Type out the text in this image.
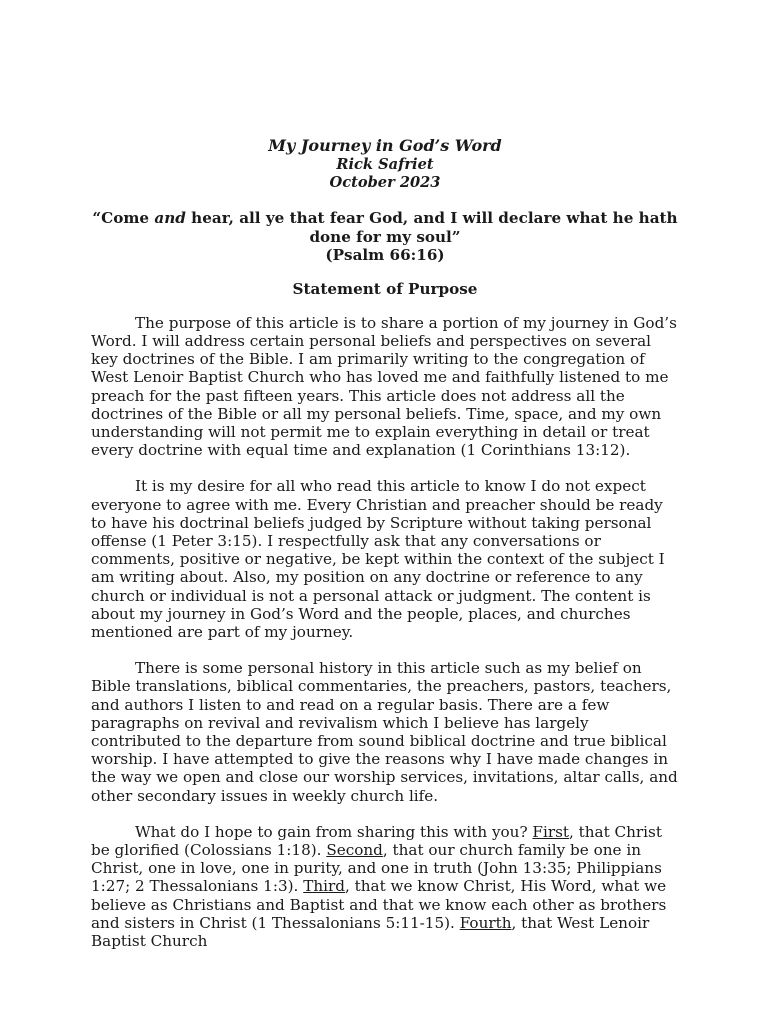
My Journey in God’s Word
Rick Safriet
October 2023
“Come and hear, all ye that fear God, and I will declare what he hath done for my soul”
(Psalm 66:16)
Statement of Purpose

The purpose of this article is to share a portion of my journey in God’s Word. I will address certain personal beliefs and perspectives on several key doctrines of the Bible. I am primarily writing to the congregation of West Lenoir Baptist Church who has loved me and faithfully listened to me preach for the past fifteen years. This article does not address all the doctrines of the Bible or all my personal beliefs. Time, space, and my own understanding will not permit me to explain everything in detail or treat every doctrine with equal time and explanation (1 Corinthians 13:12).

It is my desire for all who read this article to know I do not expect everyone to agree with me. Every Christian and preacher should be ready to have his doctrinal beliefs judged by Scripture without taking personal offense (1 Peter 3:15). I respectfully ask that any conversations or comments, positive or negative, be kept within the context of the subject I am writing about. Also, my position on any doctrine or reference to any church or individual is not a personal attack or judgment. The content is about my journey in God’s Word and the people, places, and churches mentioned are part of my journey.

There is some personal history in this article such as my belief on Bible translations, biblical commentaries, the preachers, pastors, teachers, and authors I listen to and read on a regular basis. There are a few paragraphs on revival and revivalism which I believe has largely contributed to the departure from sound biblical doctrine and true biblical worship. I have attempted to give the reasons why I have made changes in the way we open and close our worship services, invitations, altar calls, and other secondary issues in weekly church life.

What do I hope to gain from sharing this with you? First, that Christ be glorified (Colossians 1:18). Second, that our church family be one in Christ, one in love, one in purity, and one in truth (John 13:35; Philippians 1:27; 2 Thessalonians 1:3). Third, that we know Christ, His Word, what we believe as Christians and Baptist and that we know each other as brothers and sisters in Christ (1 Thessalonians 5:11-15). Fourth, that West Lenoir Baptist Church
